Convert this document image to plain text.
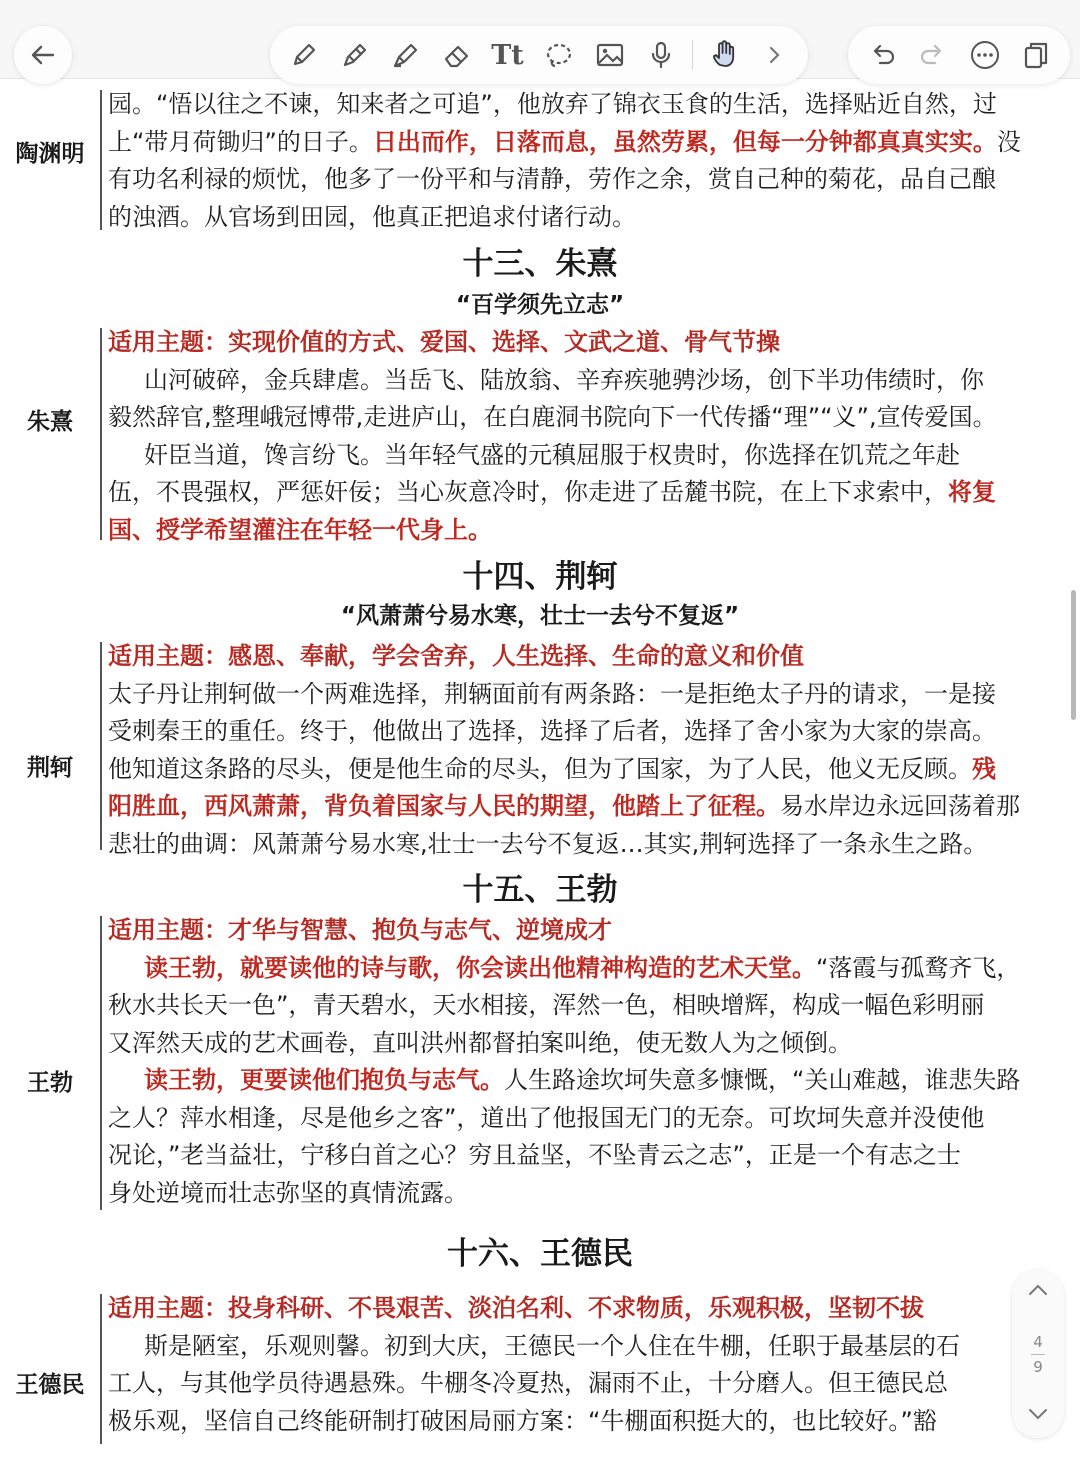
陶渊明
园。“悟以往之不谏，知来者之可追”，他放弃了锦衣玉食的生活，选择贴近自然，过
上“带月荷锄归”的日子。日出而作，日落而息，虽然劳累，但每一分钟都真真实实。没
有功名利禄的烦忧，他多了一份平和与清静，劳作之余，赏自己种的菊花，品自己酿
的浊酒。从官场到田园，他真正把追求付诸行动。
十三、朱熹
“百学须先立志”
朱熹
适用主题：实现价值的方式、爱国、选择、文武之道、骨气节操
山河破碎，金兵肆虐。当岳飞、陆放翁、辛弃疾驰骋沙场，创下半功伟绩时，你
毅然辞官,整理峨冠博带,走进庐山，在白鹿洞书院向下一代传播“理”“义”,宣传爱国。
奸臣当道，馋言纷飞。当年轻气盛的元稹屈服于权贵时，你选择在饥荒之年赴
伍，不畏强权，严惩奸佞；当心灰意冷时，你走进了岳麓书院，在上下求索中，将复
国、授学希望灌注在年轻一代身上。
十四、荆轲
“风萧萧兮易水寒，壮士一去兮不复返”
荆轲
适用主题：感恩、奉献，学会舍弃，人生选择、生命的意义和价值
太子丹让荆轲做一个两难选择，荆辆面前有两条路：一是拒绝太子丹的请求，一是接
受刺秦王的重任。终于，他做出了选择，选择了后者，选择了舍小家为大家的崇高。
他知道这条路的尽头，便是他生命的尽头，但为了国家，为了人民，他义无反顾。残
阳胜血，西风萧萧，背负着国家与人民的期望，他踏上了征程。易水岸边永远回荡着那
悲壮的曲调：风萧萧兮易水寒,壮士一去兮不复返…其实,荆轲选择了一条永生之路。
十五、王勃
王勃
适用主题：才华与智慧、抱负与志气、逆境成才
读王勃，就要读他的诗与歌，你会读出他精神构造的艺术天堂。“落霞与孤鹜齐飞，
秋水共长天一色”，青天碧水，天水相接，浑然一色，相映增辉，构成一幅色彩明丽
又浑然天成的艺术画卷，直叫洪州都督拍案叫绝，使无数人为之倾倒。
读王勃，更要读他们抱负与志气。人生路途坎坷失意多慷慨，“关山难越，谁悲失路
之人？萍水相逢，尽是他乡之客”，道出了他报国无门的无奈。可坎坷失意并没使他
况论，”老当益壮，宁移白首之心？穷且益坚，不坠青云之志”，正是一个有志之士
身处逆境而壮志弥坚的真情流露。
十六、王德民
王德民
适用主题：投身科研、不畏艰苦、淡泊名利、不求物质，乐观积极，坚韧不拔
斯是陋室，乐观则馨。初到大庆，王德民一个人住在牛棚，任职于最基层的石
工人，与其他学员待遇悬殊。牛棚冬冷夏热，漏雨不止，十分磨人。但王德民总
极乐观，坚信自己终能研制打破困局丽方案：“牛棚面积挺大的，也比较好。”豁
Tt
4
9
